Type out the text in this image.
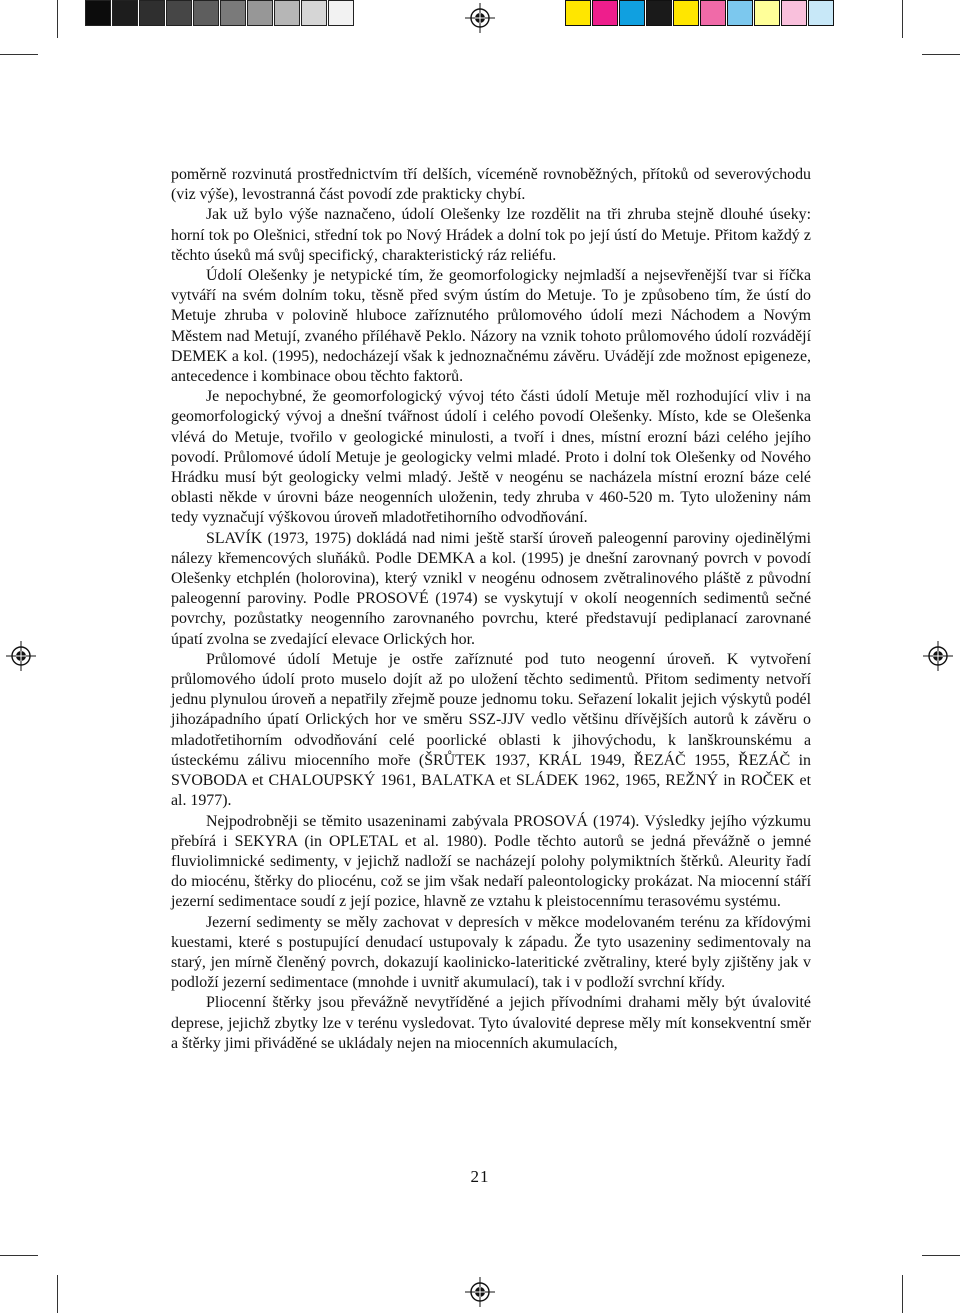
poměrně rozvinutá prostřednictvím tří delších, víceméně rovnoběžných, přítoků od severovýchodu (viz výše), levostranná část povodí zde prakticky chybí.

Jak už bylo výše naznačeno, údolí Olešenky lze rozdělit na tři zhruba stejně dlouhé úseky: horní tok po Olešnici, střední tok po Nový Hrádek a dolní tok po její ústí do Metuje. Přitom každý z těchto úseků má svůj specifický, charakteristický ráz reliéfu.

Údolí Olešenky je netypické tím, že geomorfologicky nejmladší a nejsevřenější tvar si říčka vytváří na svém dolním toku, těsně před svým ústím do Metuje. To je způsobeno tím, že ústí do Metuje zhruba v polovině hluboce zaříznutého průlomového údolí mezi Náchodem a Novým Městem nad Metují, zvaného příléhavě Peklo. Názory na vznik tohoto průlomového údolí rozvádějí DEMEK a kol. (1995), nedocházejí však k jednoznačnému závěru. Uvádějí zde možnost epigeneze, antecedence i kombinace obou těchto faktorů.

Je nepochybné, že geomorfologický vývoj této části údolí Metuje měl rozhodující vliv i na geomorfologický vývoj a dnešní tvářnost údolí i celého povodí Olešenky. Místo, kde se Olešenka vlévá do Metuje, tvořilo v geologické minulosti, a tvoří i dnes, místní erozní bázi celého jejího povodí. Průlomové údolí Metuje je geologicky velmi mladé. Proto i dolní tok Olešenky od Nového Hrádku musí být geologicky velmi mladý. Ještě v neogénu se nacházela místní erozní báze celé oblasti někde v úrovni báze neogenních uloženin, tedy zhruba v 460-520 m. Tyto uloženiny nám tedy vyznačují výškovou úroveň mladotřetihorního odvodňování.

SLAVÍK (1973, 1975) dokládá nad nimi ještě starší úroveň paleogenní paroviny ojedinělými nálezy křemencových sluňáků. Podle DEMKA a kol. (1995) je dnešní zarovnaný povrch v povodí Olešenky etchplén (holorovina), který vznikl v neogénu odnosem zvětralinového pláště z původní paleogenní paroviny. Podle PROSOVÉ (1974) se vyskytují v okolí neogenních sedimentů sečné povrchy, pozůstatky neogenního zarovnaného povrchu, které představují pediplanací zarovnané úpatí zvolna se zvedající elevace Orlických hor.

Průlomové údolí Metuje je ostře zaříznuté pod tuto neogenní úroveň. K vytvoření průlomového údolí proto muselo dojít až po uložení těchto sedimentů. Přitom sedimenty netvoří jednu plynulou úroveň a nepatřily zřejmě pouze jednomu toku. Seřazení lokalit jejich výskytů podél jihozápadního úpatí Orlických hor ve směru SSZ-JJV vedlo většinu dřívějších autorů k závěru o mladotřetihorním odvodňování celé poorlické oblasti k jihovýchodu, k lanškrounskému a ústeckému zálivu miocenního moře (ŠRŮTEK 1937, KRÁL 1949, ŘEZÁČ 1955, ŘEZÁČ in SVOBODA et CHALOUPSKÝ 1961, BALATKA et SLÁDEK 1962, 1965, REŽNÝ in ROČEK et al. 1977).

Nejpodrobněji se těmito usazeninami zabývala PROSOVÁ (1974). Výsledky jejího výzkumu přebírá i SEKYRA (in OPLETAL et al. 1980). Podle těchto autorů se jedná převážně o jemné fluviolimnické sedimenty, v jejichž nadloží se nacházejí polohy polymiktních štěrků. Aleurity řadí do miocénu, štěrky do pliocénu, což se jim však nedaří paleontologicky prokázat. Na miocenní stáří jezerní sedimentace soudí z její pozice, hlavně ze vztahu k pleistocennímu terasovému systému.

Jezerní sedimenty se měly zachovat v depresích v měkce modelovaném terénu za křídovými kuestami, které s postupující denudací ustupovaly k západu. Že tyto usazeniny sedimentovaly na starý, jen mírně členěný povrch, dokazují kaolinicko-lateritické zvětraliny, které byly zjištěny jak v podloží jezerní sedimentace (mnohde i uvnitř akumulací), tak i v podloží svrchní křídy.

Pliocenní štěrky jsou převážně nevytříděné a jejich přívodními drahami měly být úvalovité deprese, jejichž zbytky lze v terénu vysledovat. Tyto úvalovité deprese měly mít konsekventní směr a štěrky jimi přiváděné se ukládaly nejen na miocenních akumulacích,

21
